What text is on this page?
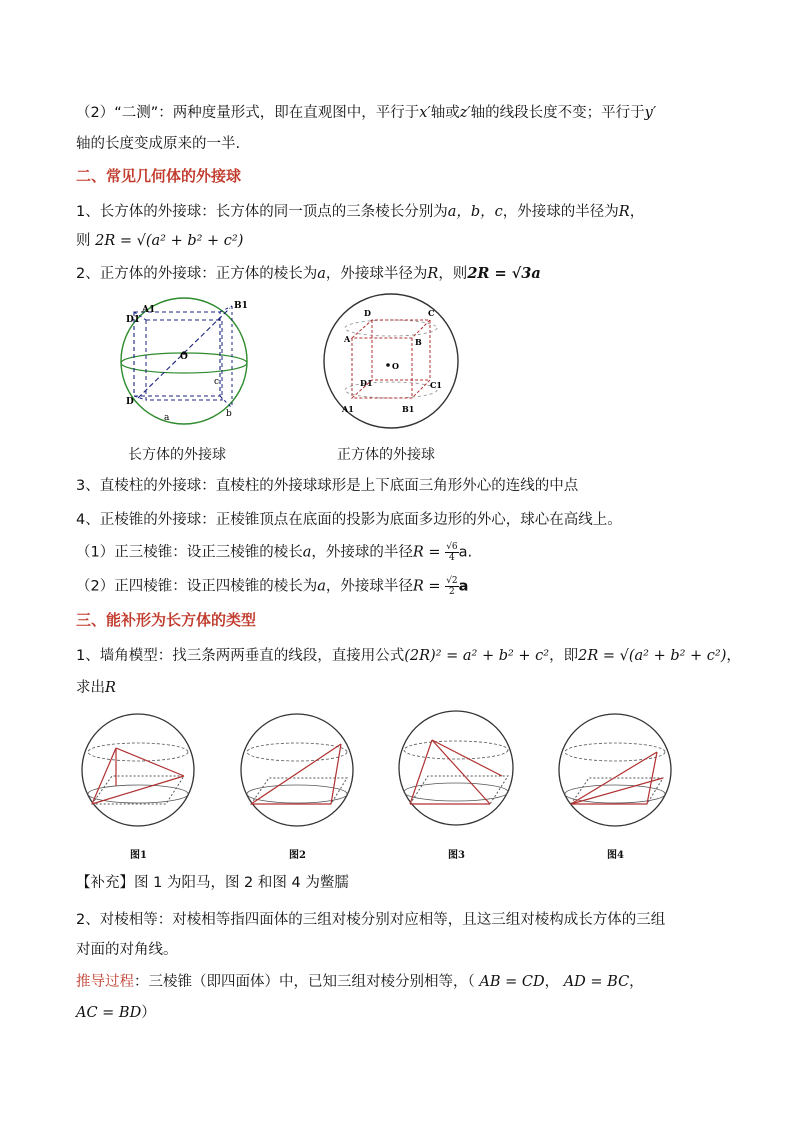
（2）“二测”：两种度量形式，即在直观图中，平行于x′轴或z′轴的线段长度不变；平行于y′
轴的长度变成原来的一半.
二、常见几何体的外接球
1、长方体的外接球：长方体的同一顶点的三条棱长分别为a，b，c，外接球的半径为R，
则 2R = √(a² + b² + c²)
2、正方体的外接球：正方体的棱长为a，外接球半径为R，则2R = √3a
A1	B1
D1
O
c
D
a	b
长方体的外接球
D	C
A	B
O
D1	C1
A1	B1
正方体的外接球
3、直棱柱的外接球：直棱柱的外接球球形是上下底面三角形外心的连线的中点
4、正棱锥的外接球：正棱锥顶点在底面的投影为底面多边形的外心，球心在高线上。
（1）正三棱锥：设正三棱锥的棱长a，外接球的半径$R = \frac{√6}{4} a$.
（2）正四棱锥：设正四棱锥的棱长为a，外接球半径$R = \frac{√2}{2}$ a
三、能补形为长方体的类型
1、墙角模型：找三条两两垂直的线段，直接用公式(2R)² = a² + b² + c²，即2R = √(a² + b² + c²)，
求出R
图1	图2	图3	图4
【补充】图 1 为阳马，图 2 和图 4 为鳖臑
2、对棱相等：对棱相等指四面体的三组对棱分别对应相等，且这三组对棱构成长方体的三组
对面的对角线。
推导过程：三棱锥（即四面体）中，已知三组对棱分别相等，（ AB = CD， AD = BC，
AC = BD）
